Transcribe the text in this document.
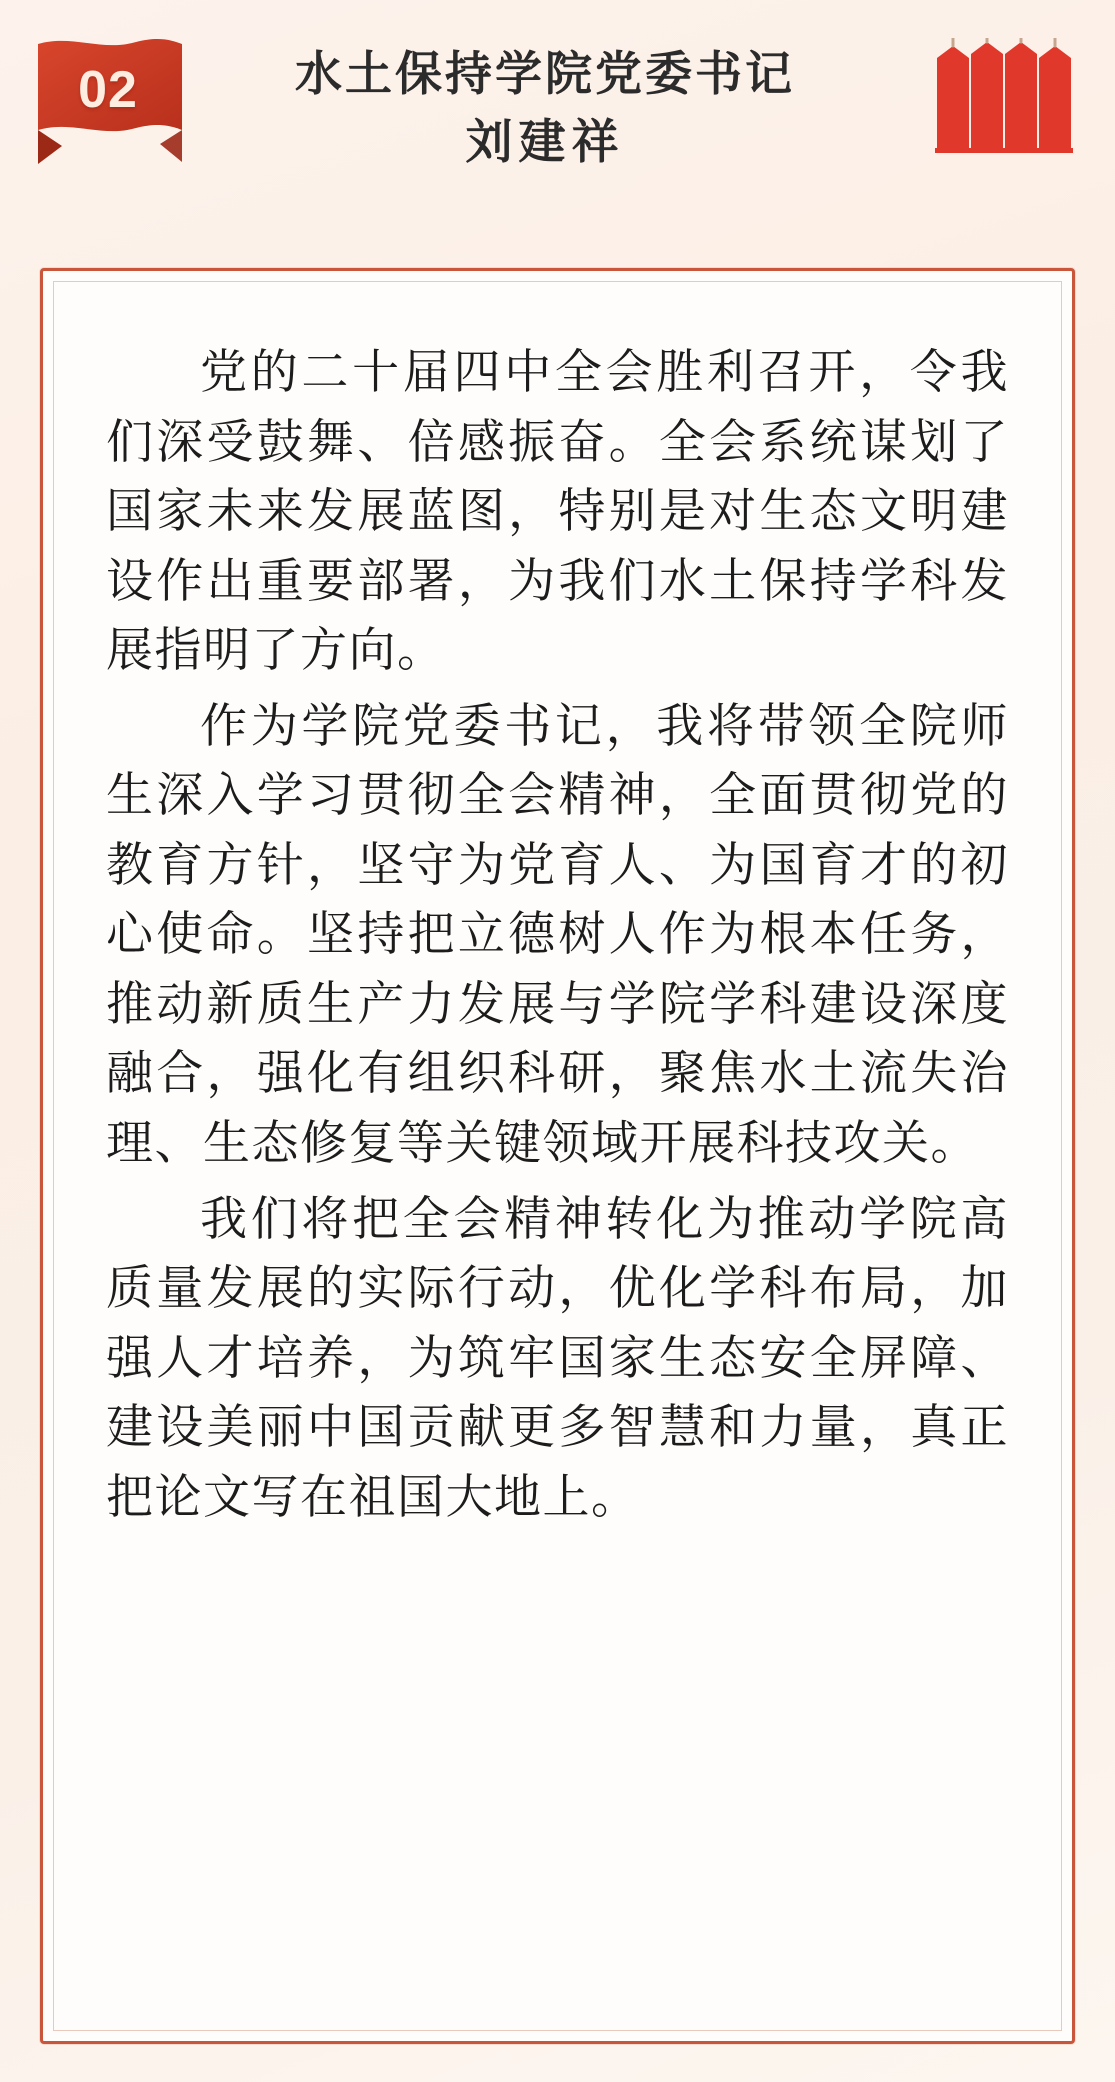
02	水土保持学院党委书记
刘建祥

党的二十届四中全会胜利召开，令我们深受鼓舞、倍感振奋。全会系统谋划了国家未来发展蓝图，特别是对生态文明建设作出重要部署，为我们水土保持学科发展指明了方向。

作为学院党委书记，我将带领全院师生深入学习贯彻全会精神，全面贯彻党的教育方针，坚守为党育人、为国育才的初心使命。坚持把立德树人作为根本任务，推动新质生产力发展与学院学科建设深度融合，强化有组织科研，聚焦水土流失治理、生态修复等关键领域开展科技攻关。

我们将把全会精神转化为推动学院高质量发展的实际行动，优化学科布局，加强人才培养，为筑牢国家生态安全屏障、建设美丽中国贡献更多智慧和力量，真正把论文写在祖国大地上。
